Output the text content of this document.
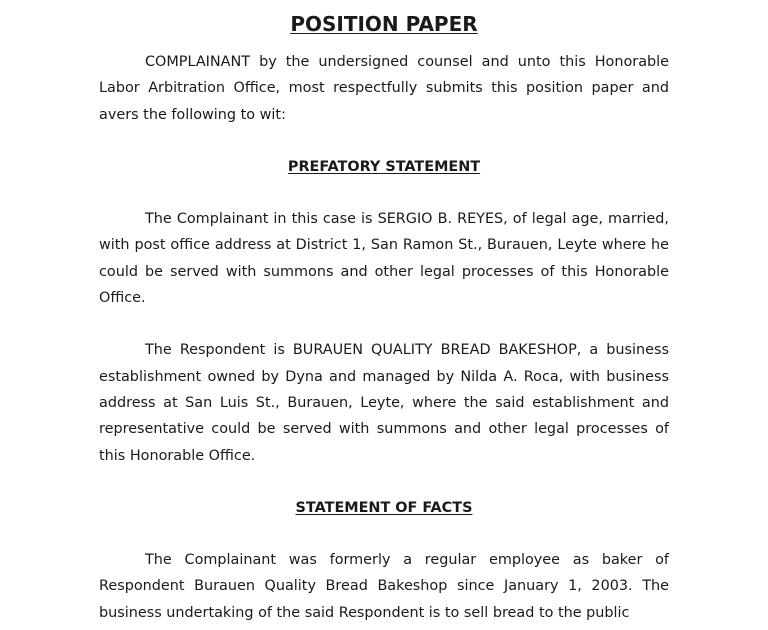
POSITION PAPER

COMPLAINANT by the undersigned counsel and unto this Honorable Labor Arbitration Office, most respectfully submits this position paper and avers the following to wit:

PREFATORY STATEMENT

The Complainant in this case is SERGIO B. REYES, of legal age, married, with post office address at District 1, San Ramon St., Burauen, Leyte where he could be served with summons and other legal processes of this Honorable Office.

The Respondent is BURAUEN QUALITY BREAD BAKESHOP, a business establishment owned by Dyna and managed by Nilda A. Roca, with business address at San Luis St., Burauen, Leyte, where the said establishment and representative could be served with summons and other legal processes of this Honorable Office.

STATEMENT OF FACTS

The Complainant was formerly a regular employee as baker of Respondent Burauen Quality Bread Bakeshop since January 1, 2003. The business undertaking of the said Respondent is to sell bread to the public
